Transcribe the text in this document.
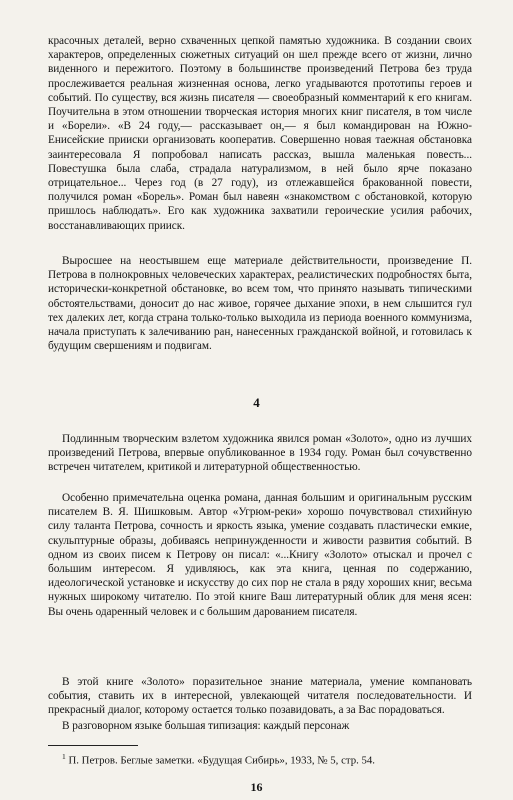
красочных деталей, верно схваченных цепкой памятью художника. В создании своих характеров, определенных сюжетных ситуаций он шел прежде всего от жизни, лично виденного и пережитого. Поэтому в большинстве произведений Петрова без труда прослеживается реальная жизненная основа, легко угадываются прототипы героев и событий. По существу, вся жизнь писателя — своеобразный комментарий к его книгам. Поучительна в этом отношении творческая история многих книг писателя, в том числе и «Борели». «В 24 году,— рассказывает он,— я был командирован на Южно-Енисейские прииски организовать кооператив. Совершенно новая таежная обстановка заинтересовала Я попробовал написать рассказ, вышла маленькая повесть... Повестушка была слаба, страдала натурализмом, в ней было ярче показано отрицательное... Через год (в 27 году), из отлежавшейся бракованной повести, получился роман «Борель». Роман был навеян «знакомством с обстановкой, которую пришлось наблюдать». Его как художника захватили героические усилия рабочих, восстанавливающих прииск.

Выросшее на неостывшем еще материале действительности, произведение П. Петрова в полнокровных человеческих характерах, реалистических подробностях быта, исторически-конкретной обстановке, во всем том, что принято называть типическими обстоятельствами, доносит до нас живое, горячее дыхание эпохи, в нем слышится гул тех далеких лет, когда страна только-только выходила из периода военного коммунизма, начала приступать к залечиванию ран, нанесенных гражданской войной, и готовилась к будущим свершениям и подвигам.

4

Подлинным творческим взлетом художника явился роман «Золото», одно из лучших произведений Петрова, впервые опубликованное в 1934 году. Роман был сочувственно встречен читателем, критикой и литературной общественностью.

Особенно примечательна оценка романа, данная большим и оригинальным русским писателем В. Я. Шишковым. Автор «Угрюм-реки» хорошо почувствовал стихийную силу таланта Петрова, сочность и яркость языка, умение создавать пластически емкие, скульптурные образы, добиваясь непринужденности и живости развития событий. В одном из своих писем к Петрову он писал: «...Книгу «Золото» отыскал и прочел с большим интересом. Я удивляюсь, как эта книга, ценная по содержанию, идеологической установке и искусству до сих пор не стала в ряду хороших книг, весьма нужных широкому читателю. По этой книге Ваш литературный облик для меня ясен: Вы очень одаренный человек и с большим дарованием писателя.

В этой книге «Золото» поразительное знание материала, умение компановать события, ставить их в интересной, увлекающей читателя последовательности. И прекрасный диалог, которому остается только позавидовать, а за Вас порадоваться.

В разговорном языке большая типизация: каждый персонаж

$^1$ П. Петров. Беглые заметки. «Будущая Сибирь», 1933, № 5, стр. 54.

16
